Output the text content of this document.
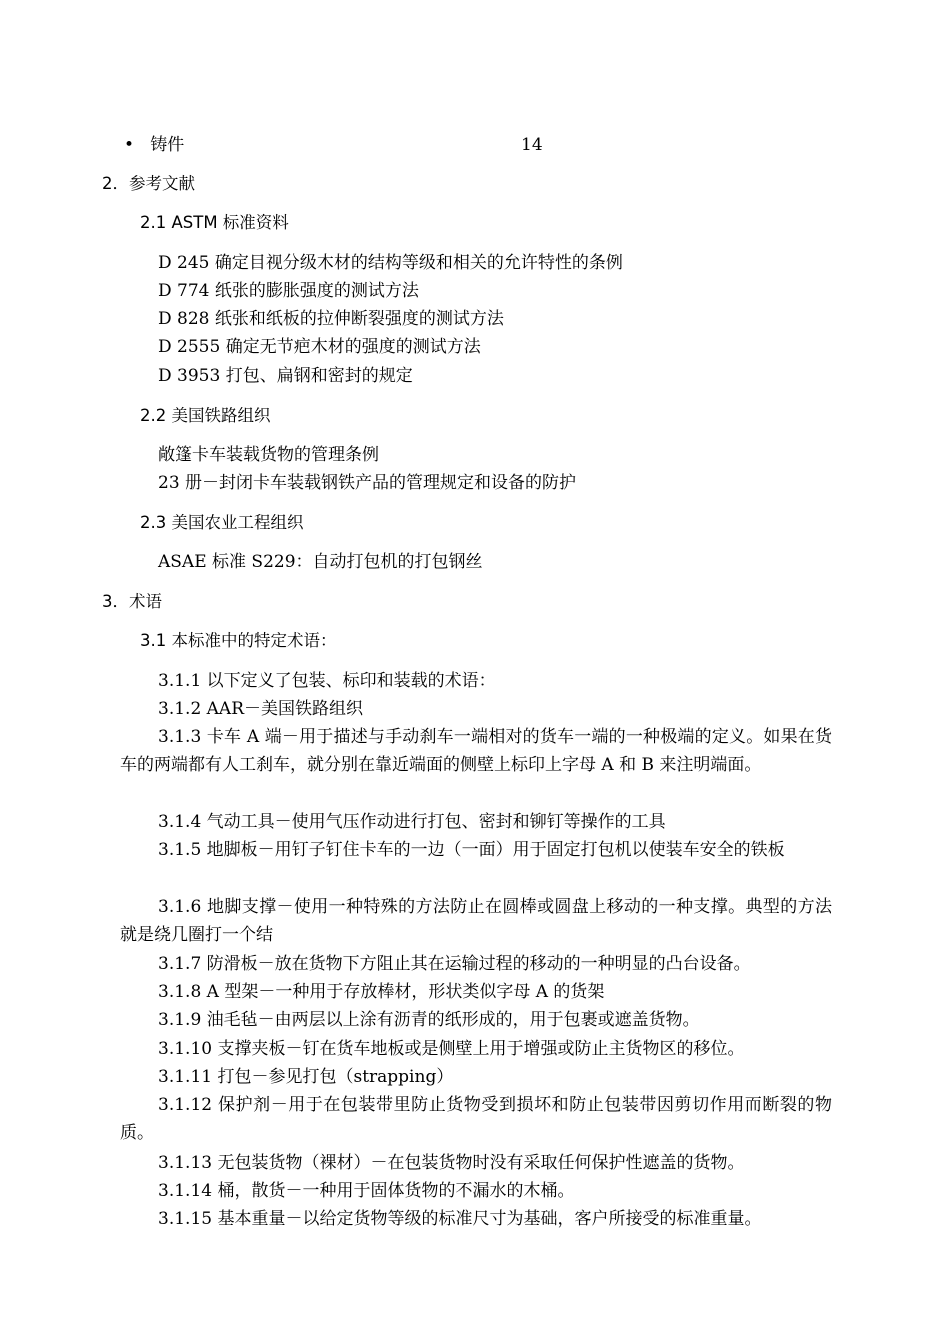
• 铸件	14
2．参考文献
2.1 ASTM 标准资料
D 245 确定目视分级木材的结构等级和相关的允许特性的条例
D 774 纸张的膨胀强度的测试方法
D 828 纸张和纸板的拉伸断裂强度的测试方法
D 2555 确定无节疤木材的强度的测试方法
D 3953 打包、扁钢和密封的规定
2.2 美国铁路组织
敞篷卡车装载货物的管理条例
23 册－封闭卡车装载钢铁产品的管理规定和设备的防护
2.3 美国农业工程组织
ASAE 标准 S229：自动打包机的打包钢丝
3．术语
3.1 本标准中的特定术语：
3.1.1 以下定义了包装、标印和装载的术语：
3.1.2 AAR－美国铁路组织
3.1.3 卡车 A 端－用于描述与手动刹车一端相对的货车一端的一种极端的定义。如果在货车的两端都有人工刹车，就分别在靠近端面的侧壁上标印上字母 A 和 B 来注明端面。
3.1.4 气动工具－使用气压作动进行打包、密封和铆钉等操作的工具
3.1.5 地脚板－用钉子钉住卡车的一边（一面）用于固定打包机以使装车安全的铁板
3.1.6 地脚支撑－使用一种特殊的方法防止在圆棒或圆盘上移动的一种支撑。典型的方法就是绕几圈打一个结
3.1.7 防滑板－放在货物下方阻止其在运输过程的移动的一种明显的凸台设备。
3.1.8 A 型架－一种用于存放棒材，形状类似字母 A 的货架
3.1.9 油毛毡－由两层以上涂有沥青的纸形成的，用于包裹或遮盖货物。
3.1.10 支撑夹板－钉在货车地板或是侧壁上用于增强或防止主货物区的移位。
3.1.11 打包－参见打包（strapping）
3.1.12 保护剂－用于在包装带里防止货物受到损坏和防止包装带因剪切作用而断裂的物质。
3.1.13 无包装货物（裸材）－在包装货物时没有采取任何保护性遮盖的货物。
3.1.14 桶，散货－一种用于固体货物的不漏水的木桶。
3.1.15 基本重量－以给定货物等级的标准尺寸为基础，客户所接受的标准重量。
